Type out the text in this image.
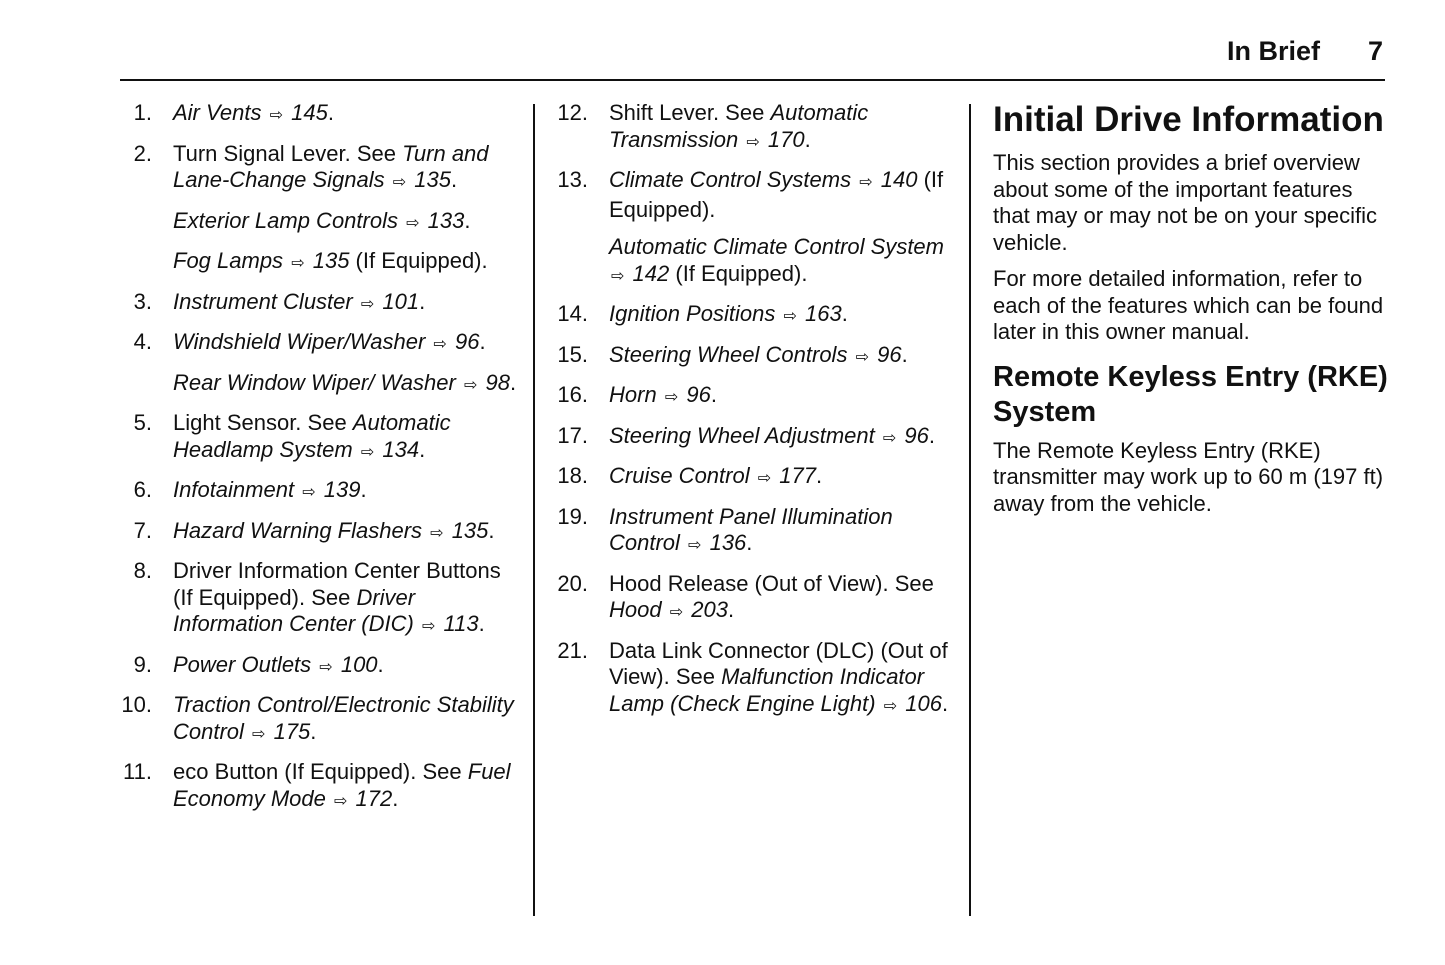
In Brief 7
1. Air Vents ⇨ 145.
2. Turn Signal Lever. See Turn and Lane-Change Signals ⇨ 135.
Exterior Lamp Controls ⇨ 133.
Fog Lamps ⇨ 135 (If Equipped).
3. Instrument Cluster ⇨ 101.
4. Windshield Wiper/Washer ⇨ 96.
Rear Window Wiper/ Washer ⇨ 98.
5. Light Sensor. See Automatic Headlamp System ⇨ 134.
6. Infotainment ⇨ 139.
7. Hazard Warning Flashers ⇨ 135.
8. Driver Information Center Buttons (If Equipped). See Driver Information Center (DIC) ⇨ 113.
9. Power Outlets ⇨ 100.
10. Traction Control/Electronic Stability Control ⇨ 175.
11. eco Button (If Equipped). See Fuel Economy Mode ⇨ 172.
12. Shift Lever. See Automatic Transmission ⇨ 170.
13. Climate Control Systems ⇨ 140 (If Equipped).
Automatic Climate Control System ⇨ 142 (If Equipped).
14. Ignition Positions ⇨ 163.
15. Steering Wheel Controls ⇨ 96.
16. Horn ⇨ 96.
17. Steering Wheel Adjustment ⇨ 96.
18. Cruise Control ⇨ 177.
19. Instrument Panel Illumination Control ⇨ 136.
20. Hood Release (Out of View). See Hood ⇨ 203.
21. Data Link Connector (DLC) (Out of View). See Malfunction Indicator Lamp (Check Engine Light) ⇨ 106.
Initial Drive Information

This section provides a brief overview about some of the important features that may or may not be on your specific vehicle.

For more detailed information, refer to each of the features which can be found later in this owner manual.

Remote Keyless Entry (RKE) System

The Remote Keyless Entry (RKE) transmitter may work up to 60 m (197 ft) away from the vehicle.
